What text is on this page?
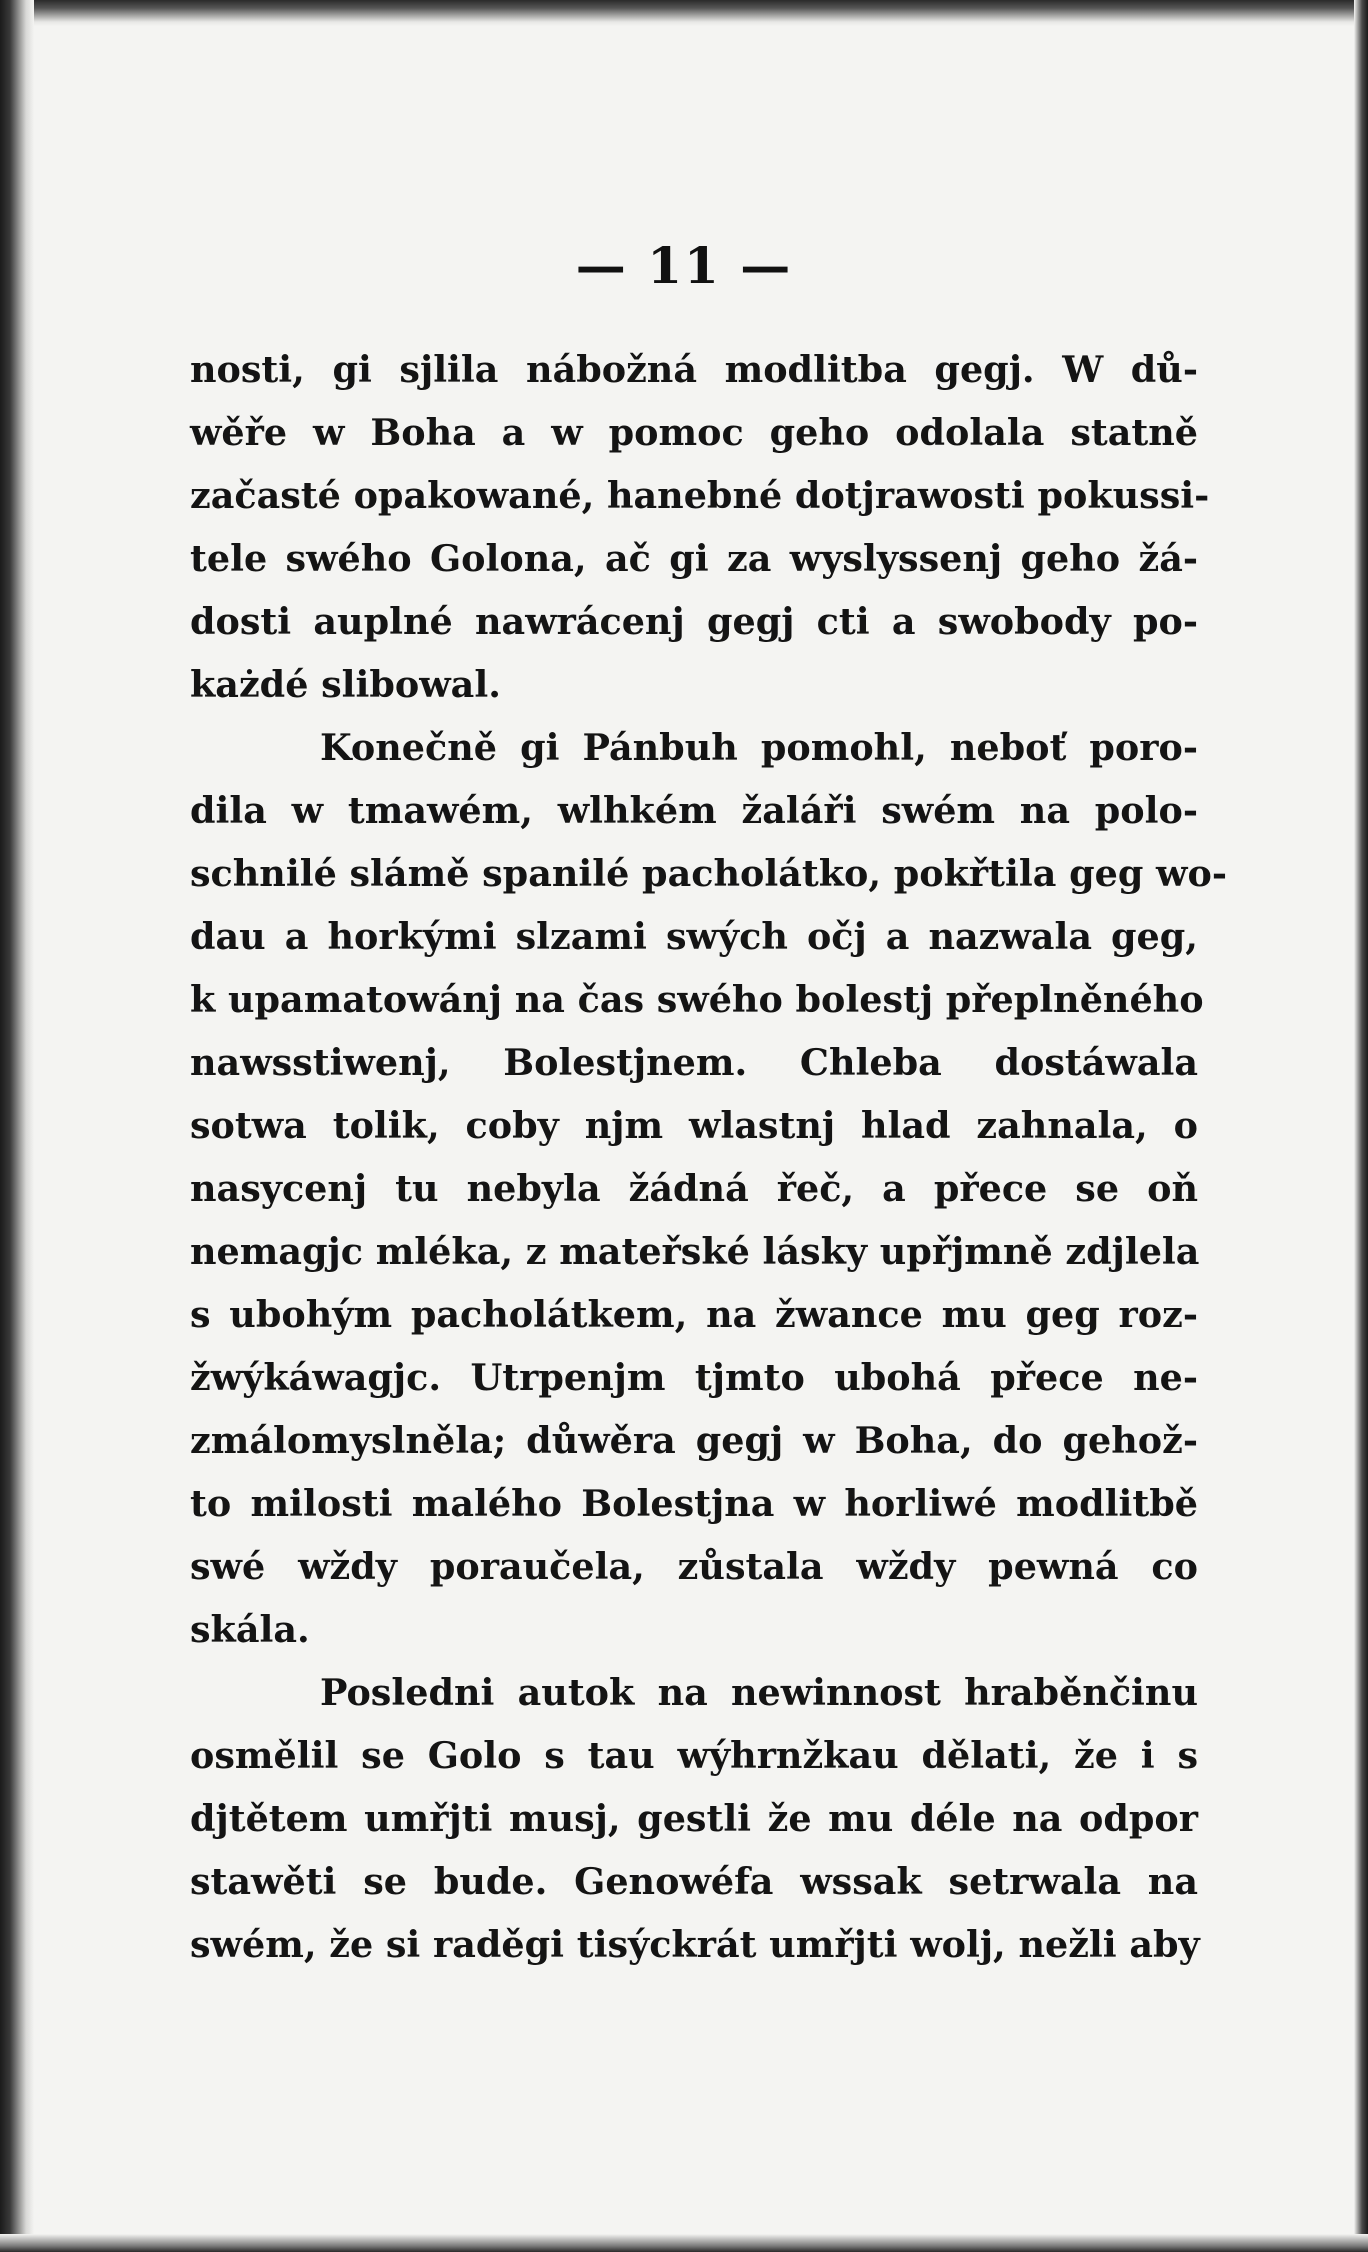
— 11 —
nosti, gi sjlila nábožná modlitba gegj. W dů-
wěře w Boha a w pomoc geho odolala statně
začasté opakowané, hanebné dotjrawosti pokussi-
tele swého Golona, ač gi za wyslyssenj geho žá-
dosti auplné nawrácenj gegj cti a swobody po-
każdé slibowal.
Konečně gi Pánbuh pomohl, neboť poro-
dila w tmawém, wlhkém žaláři swém na polo-
schnilé slámě spanilé pacholátko, pokřtila geg wo-
dau a horkými slzami swých očj a nazwala geg,
k upamatowánj na čas swého bolestj přeplněného
nawsstiwenj, Bolestjnem. Chleba dostáwala
sotwa tolik, coby njm wlastnj hlad zahnala, o
nasycenj tu nebyla žádná řeč, a přece se oň
nemagjc mléka, z mateřské lásky upřjmně zdjlela
s ubohým pacholátkem, na žwance mu geg roz-
žwýkáwagjc. Utrpenjm tjmto ubohá přece ne-
zmálomyslněla; důwěra gegj w Boha, do gehož-
to milosti malého Bolestjna w horliwé modlitbě
swé wždy poraučela, zůstala wždy pewná co
skála.
Posledni autok na newinnost hraběnčinu
osmělil se Golo s tau wýhrnžkau dělati, že i s
djtětem umřjti musj, gestli že mu déle na odpor
stawěti se bude. Genowéfa wssak setrwala na
swém, že si raděgi tisýckrát umřjti wolj, nežli aby
